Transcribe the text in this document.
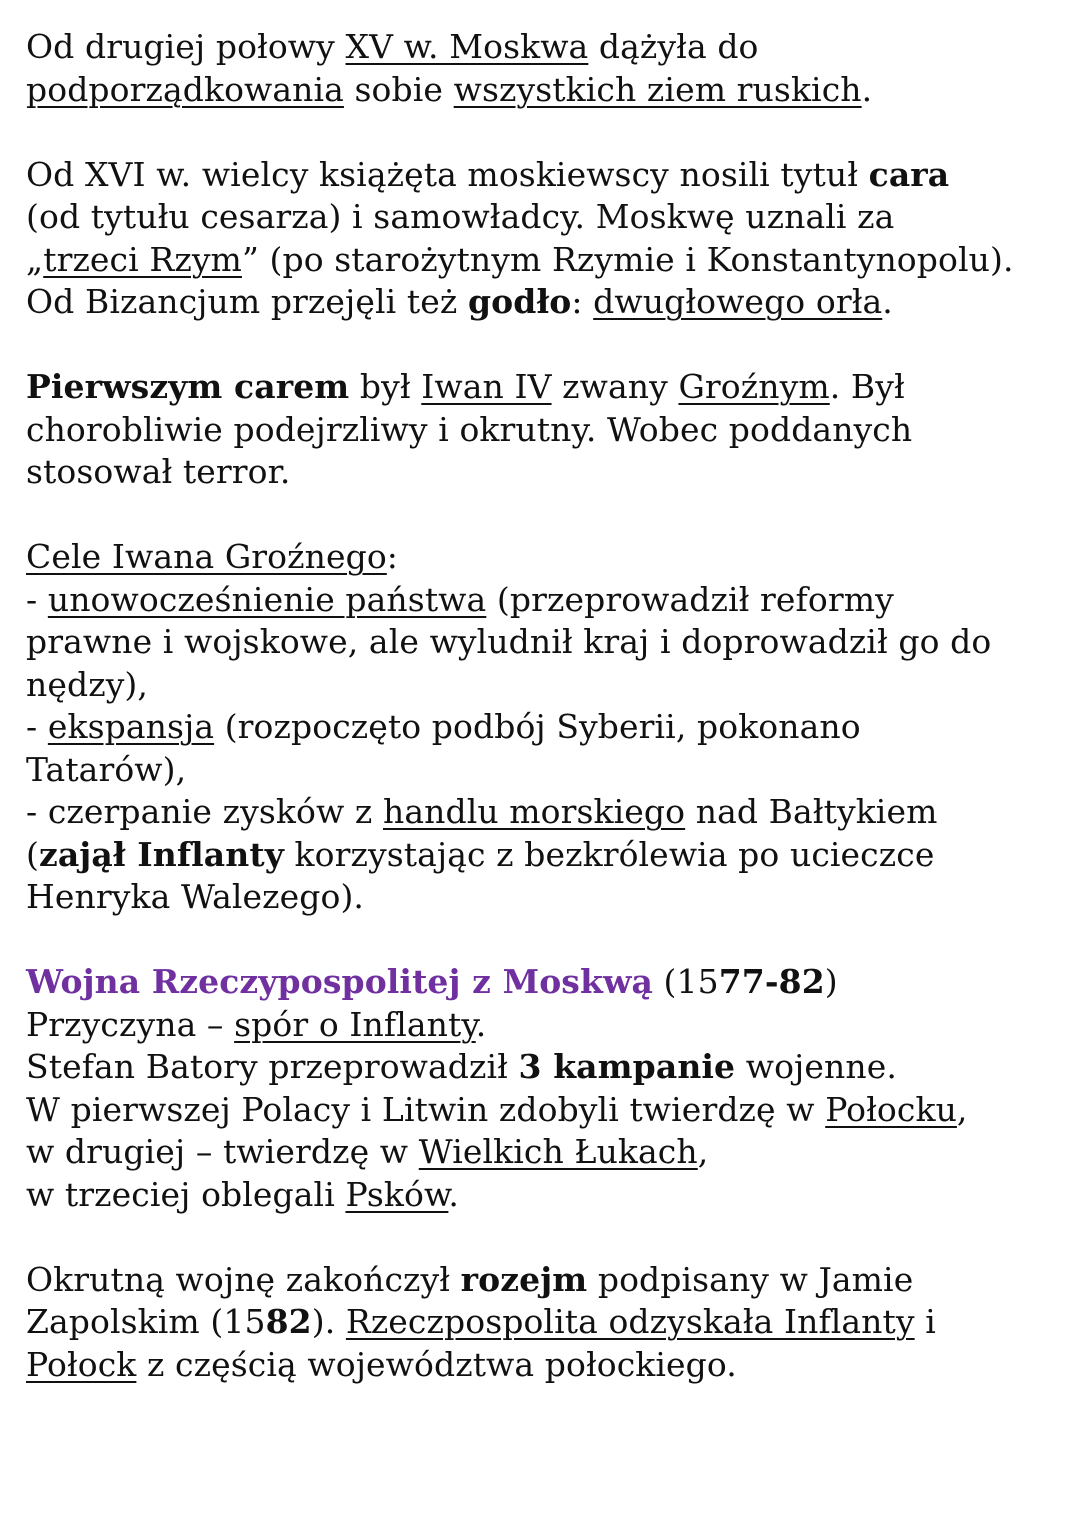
Od drugiej połowy XV w. Moskwa dążyła do
podporządkowania sobie wszystkich ziem ruskich.

Od XVI w. wielcy książęta moskiewscy nosili tytuł cara
(od tytułu cesarza) i samowładcy. Moskwę uznali za
„trzeci Rzym” (po starożytnym Rzymie i Konstantynopolu).
Od Bizancjum przejęli też godło: dwugłowego orła.

Pierwszym carem był Iwan IV zwany Groźnym. Był
chorobliwie podejrzliwy i okrutny. Wobec poddanych
stosował terror.

Cele Iwana Groźnego:
- unowocześnienie państwa (przeprowadził reformy
prawne i wojskowe, ale wyludnił kraj i doprowadził go do
nędzy),
- ekspansja (rozpoczęto podbój Syberii, pokonano
Tatarów),
- czerpanie zysków z handlu morskiego nad Bałtykiem
(zajął Inflanty korzystając z bezkrólewia po ucieczce
Henryka Walezego).

Wojna Rzeczypospolitej z Moskwą (1577-82)
Przyczyna – spór o Inflanty.
Stefan Batory przeprowadził 3 kampanie wojenne.
W pierwszej Polacy i Litwin zdobyli twierdzę w Połocku,
w drugiej – twierdzę w Wielkich Łukach,
w trzeciej oblegali Psków.

Okrutną wojnę zakończył rozejm podpisany w Jamie
Zapolskim (1582). Rzeczpospolita odzyskała Inflanty i
Połock z częścią województwa połockiego.
